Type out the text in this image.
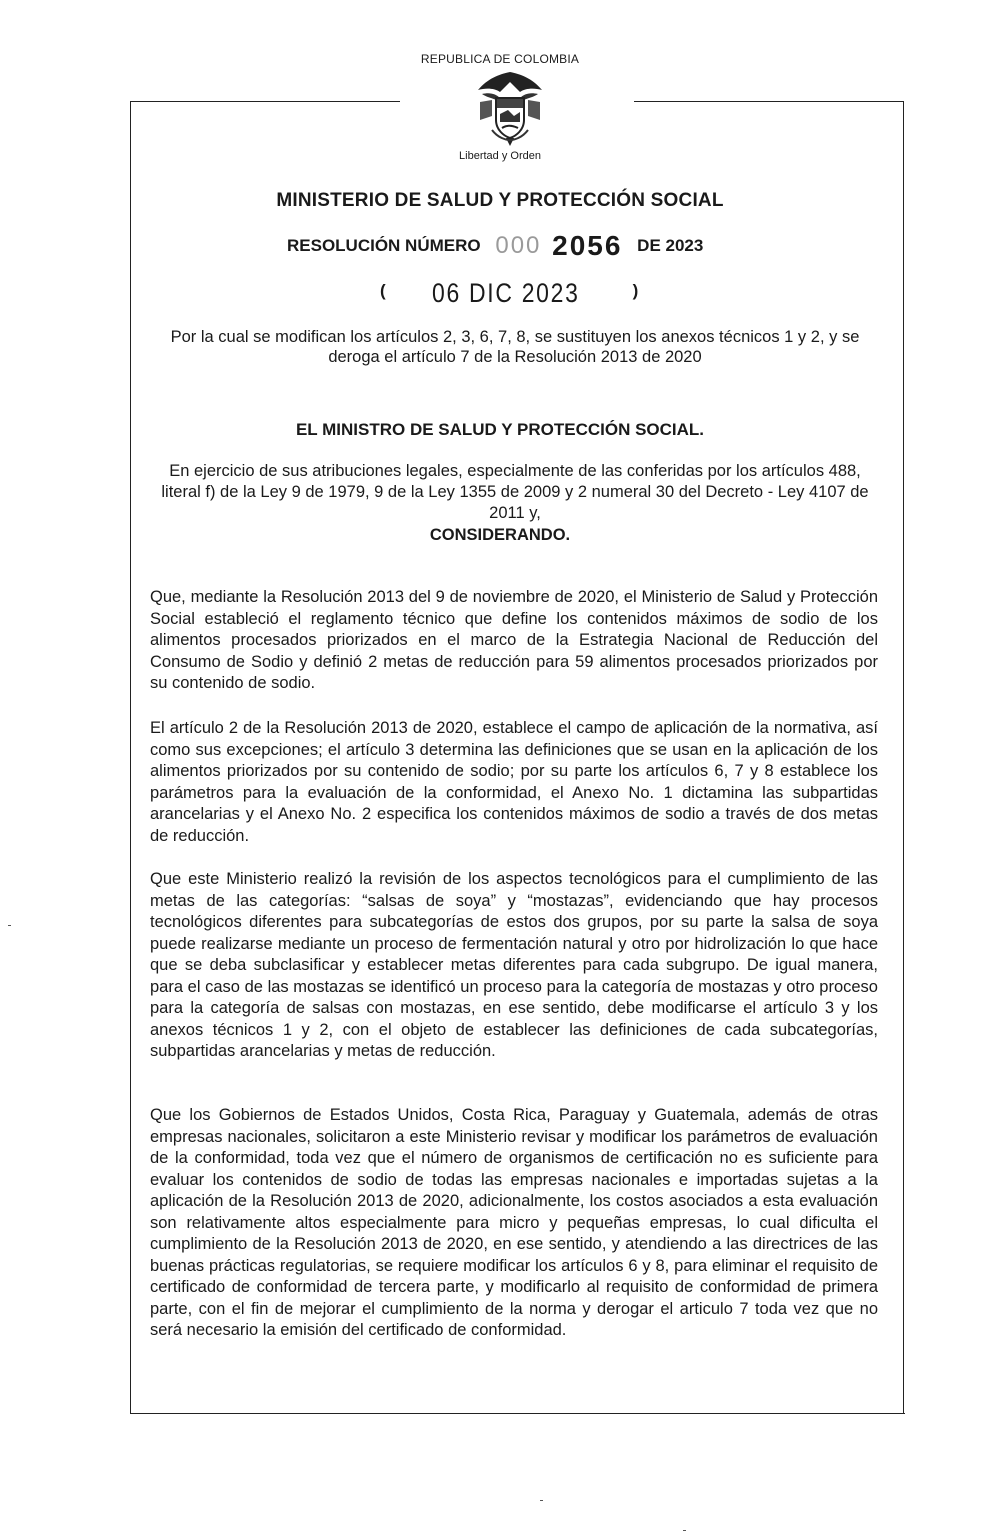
REPUBLICA DE COLOMBIA
Libertad y Orden
MINISTERIO DE SALUD Y PROTECCIÓN SOCIAL
RESOLUCIÓN NÚMERO 000 2056 DE 2023
( 06 DIC 2023	)
Por la cual se modifican los artículos 2, 3, 6, 7, 8, se sustituyen los anexos técnicos 1 y 2, y se deroga el artículo 7 de la Resolución 2013 de 2020
EL MINISTRO DE SALUD Y PROTECCIÓN SOCIAL.
En ejercicio de sus atribuciones legales, especialmente de las conferidas por los artículos 488, literal f) de la Ley 9 de 1979, 9 de la Ley 1355 de 2009 y 2 numeral 30 del Decreto - Ley 4107 de 2011 y,
CONSIDERANDO.

Que, mediante la Resolución 2013 del 9 de noviembre de 2020, el Ministerio de Salud y Protección Social estableció el reglamento técnico que define los contenidos máximos de sodio de los alimentos procesados priorizados en el marco de la Estrategia Nacional de Reducción del Consumo de Sodio y definió 2 metas de reducción para 59 alimentos procesados priorizados por su contenido de sodio.

El artículo 2 de la Resolución 2013 de 2020, establece el campo de aplicación de la normativa, así como sus excepciones; el artículo 3 determina las definiciones que se usan en la aplicación de los alimentos priorizados por su contenido de sodio; por su parte los artículos 6, 7 y 8 establece los parámetros para la evaluación de la conformidad, el Anexo No. 1 dictamina las subpartidas arancelarias y el Anexo No. 2 especifica los contenidos máximos de sodio a través de dos metas de reducción.

Que este Ministerio realizó la revisión de los aspectos tecnológicos para el cumplimiento de las metas de las categorías: “salsas de soya” y “mostazas”, evidenciando que hay procesos tecnológicos diferentes para subcategorías de estos dos grupos, por su parte la salsa de soya puede realizarse mediante un proceso de fermentación natural y otro por hidrolización lo que hace que se deba subclasificar y establecer metas diferentes para cada subgrupo. De igual manera, para el caso de las mostazas se identificó un proceso para la categoría de mostazas y otro proceso para la categoría de salsas con mostazas, en ese sentido, debe modificarse el artículo 3 y los anexos técnicos 1 y 2, con el objeto de establecer las definiciones de cada subcategorías, subpartidas arancelarias y metas de reducción.

Que los Gobiernos de Estados Unidos, Costa Rica, Paraguay y Guatemala, además de otras empresas nacionales, solicitaron a este Ministerio revisar y modificar los parámetros de evaluación de la conformidad, toda vez que el número de organismos de certificación no es suficiente para evaluar los contenidos de sodio de todas las empresas nacionales e importadas sujetas a la aplicación de la Resolución 2013 de 2020, adicionalmente, los costos asociados a esta evaluación son relativamente altos especialmente para micro y pequeñas empresas, lo cual dificulta el cumplimiento de la Resolución 2013 de 2020, en ese sentido, y atendiendo a las directrices de las buenas prácticas regulatorias, se requiere modificar los artículos 6 y 8, para eliminar el requisito de certificado de conformidad de tercera parte, y modificarlo al requisito de conformidad de primera parte, con el fin de mejorar el cumplimiento de la norma y derogar el articulo 7 toda vez que no será necesario la emisión del certificado de conformidad.
